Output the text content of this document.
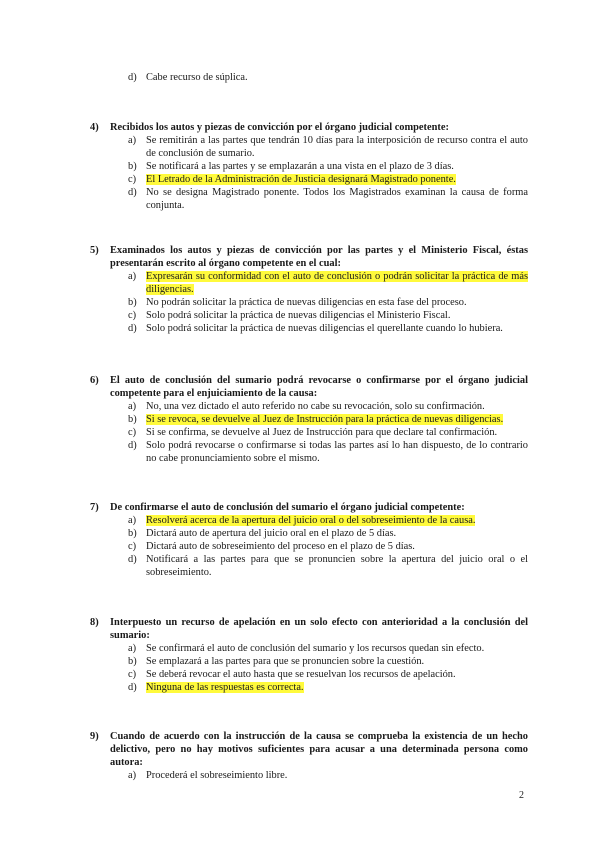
d) Cabe recurso de súplica.
4)	Recibidos los autos y piezas de convicción por el órgano judicial competente:
a) Se remitirán a las partes que tendrán 10 días para la interposición de recurso contra el auto de conclusión de sumario.
b) Se notificará a las partes y se emplazarán a una vista en el plazo de 3 días.
c) El Letrado de la Administración de Justicia designará Magistrado ponente.
d) No se designa Magistrado ponente. Todos los Magistrados examinan la causa de forma conjunta.
5)	Examinados los autos y piezas de convicción por las partes y el Ministerio Fiscal, éstas presentarán escrito al órgano competente en el cual:
a) Expresarán su conformidad con el auto de conclusión o podrán solicitar la práctica de más diligencias.
b) No podrán solicitar la práctica de nuevas diligencias en esta fase del proceso.
c) Solo podrá solicitar la práctica de nuevas diligencias el Ministerio Fiscal.
d) Solo podrá solicitar la práctica de nuevas diligencias el querellante cuando lo hubiera.
6)	El auto de conclusión del sumario podrá revocarse o confirmarse por el órgano judicial competente para el enjuiciamiento de la causa:
a) No, una vez dictado el auto referido no cabe su revocación, solo su confirmación.
b) Si se revoca, se devuelve al Juez de Instrucción para la práctica de nuevas diligencias.
c) Si se confirma, se devuelve al Juez de Instrucción para que declare tal confirmación.
d) Solo podrá revocarse o confirmarse si todas las partes así lo han dispuesto, de lo contrario no cabe pronunciamiento sobre el mismo.
7)	De confirmarse el auto de conclusión del sumario el órgano judicial competente:
a) Resolverá acerca de la apertura del juicio oral o del sobreseimiento de la causa.
b) Dictará auto de apertura del juicio oral en el plazo de 5 días.
c) Dictará auto de sobreseimiento del proceso en el plazo de 5 días.
d) Notificará a las partes para que se pronuncien sobre la apertura del juicio oral o el sobreseimiento.
8)	Interpuesto un recurso de apelación en un solo efecto con anterioridad a la conclusión del sumario:
a) Se confirmará el auto de conclusión del sumario y los recursos quedan sin efecto.
b) Se emplazará a las partes para que se pronuncien sobre la cuestión.
c) Se deberá revocar el auto hasta que se resuelvan los recursos de apelación.
d) Ninguna de las respuestas es correcta.
9)	Cuando de acuerdo con la instrucción de la causa se comprueba la existencia de un hecho delictivo, pero no hay motivos suficientes para acusar a una determinada persona como autora:
a) Procederá el sobreseimiento libre.
2
